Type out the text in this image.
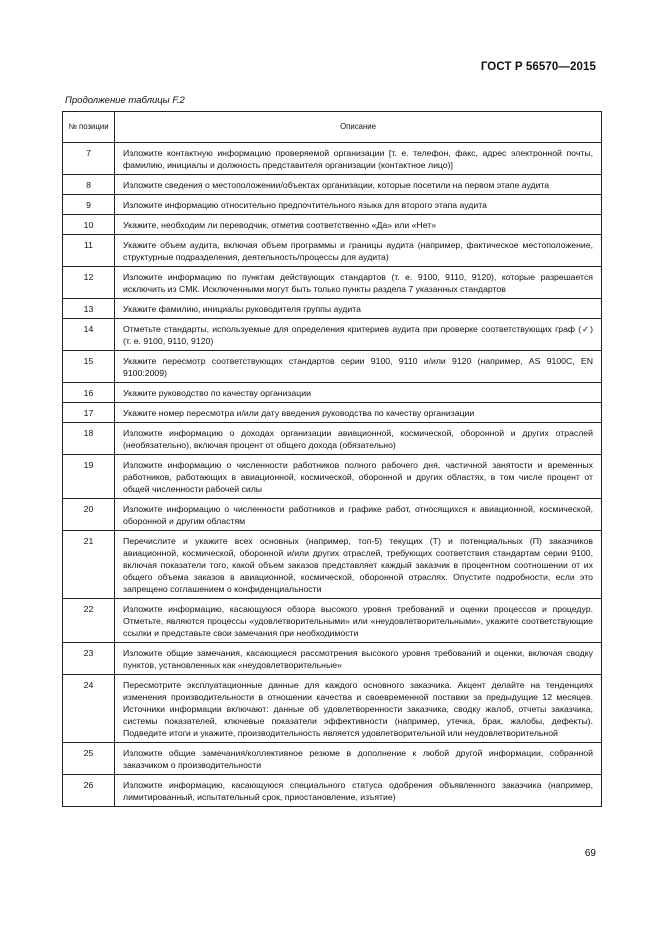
ГОСТ Р 56570—2015
Продолжение таблицы F.2
№ позиции	Описание
7	Изложите контактную информацию проверяемой организации [т. е. телефон, факс, адрес электронной почты, фамилию, инициалы и должность представителя организации (контактное лицо)]
8	Изложите сведения о местоположении/объектах организации, которые посетили на первом этапе аудита
9	Изложите информацию относительно предпочтительного языка для второго этапа аудита
10	Укажите, необходим ли переводчик, отметив соответственно «Да» или «Нет»
11	Укажите объем аудита, включая объем программы и границы аудита (например, фактическое местоположение, структурные подразделения, деятельность/процессы для аудита)
12	Изложите информацию по пунктам действующих стандартов (т. е. 9100, 9110, 9120), которые разрешается исключить из СМК. Исключенными могут быть только пункты раздела 7 указанных стандартов
13	Укажите фамилию, инициалы руководителя группы аудита
14	Отметьте стандарты, используемые для определения критериев аудита при проверке соответствующих граф (✓) (т. е. 9100, 9110, 9120)
15	Укажите пересмотр соответствующих стандартов серии 9100, 9110 и/или 9120 (например, AS 9100C, EN 9100:2009)
16	Укажите руководство по качеству организации
17	Укажите номер пересмотра и/или дату введения руководства по качеству организации
18	Изложите информацию о доходах организации авиационной, космической, оборонной и других отраслей (необязательно), включая процент от общего дохода (обязательно)
19	Изложите информацию о численности работников полного рабочего дня, частичной занятости и временных работников, работающих в авиационной, космической, оборонной и других областях, в том числе процент от общей численности рабочей силы
20	Изложите информацию о численности работников и графике работ, относящихся к авиационной, космической, оборонной и другим областям
21	Перечислите и укажите всех основных (например, топ-5) текущих (Т) и потенциальных (П) заказчиков авиационной, космической, оборонной и/или других отраслей, требующих соответствия стандартам серии 9100, включая показатели того, какой объем заказов представляет каждый заказчик в процентном соотношении от их общего объема заказов в авиационной, космической, оборонной отраслях. Опустите подробности, если это запрещено соглашением о конфиденциальности
22	Изложите информацию, касающуюся обзора высокого уровня требований и оценки процессов и процедур. Отметьте, являются процессы «удовлетворительными» или «неудовлетворительными», укажите соответствующие ссылки и представьте свои замечания при необходимости
23	Изложите общие замечания, касающиеся рассмотрения высокого уровня требований и оценки, включая сводку пунктов, установленных как «неудовлетворительные»
24	Пересмотрите эксплуатационные данные для каждого основного заказчика. Акцент делайте на тенденциях изменения производительности в отношении качества и своевременной поставки за предыдущие 12 месяцев. Источники информации включают: данные об удовлетворенности заказчика, сводку жалоб, отчеты заказчика, системы показателей, ключевые показатели эффективности (например, утечка, брак, жалобы, дефекты). Подведите итоги и укажите, производительность является удовлетворительной или неудовлетворительной
25	Изложите общие замечания/коллективное резюме в дополнение к любой другой информации, собранной заказчиком о производительности
26	Изложите информацию, касающуюся специального статуса одобрения объявленного заказчика (например, лимитированный, испытательный срок, приостановление, изъятие)
69
